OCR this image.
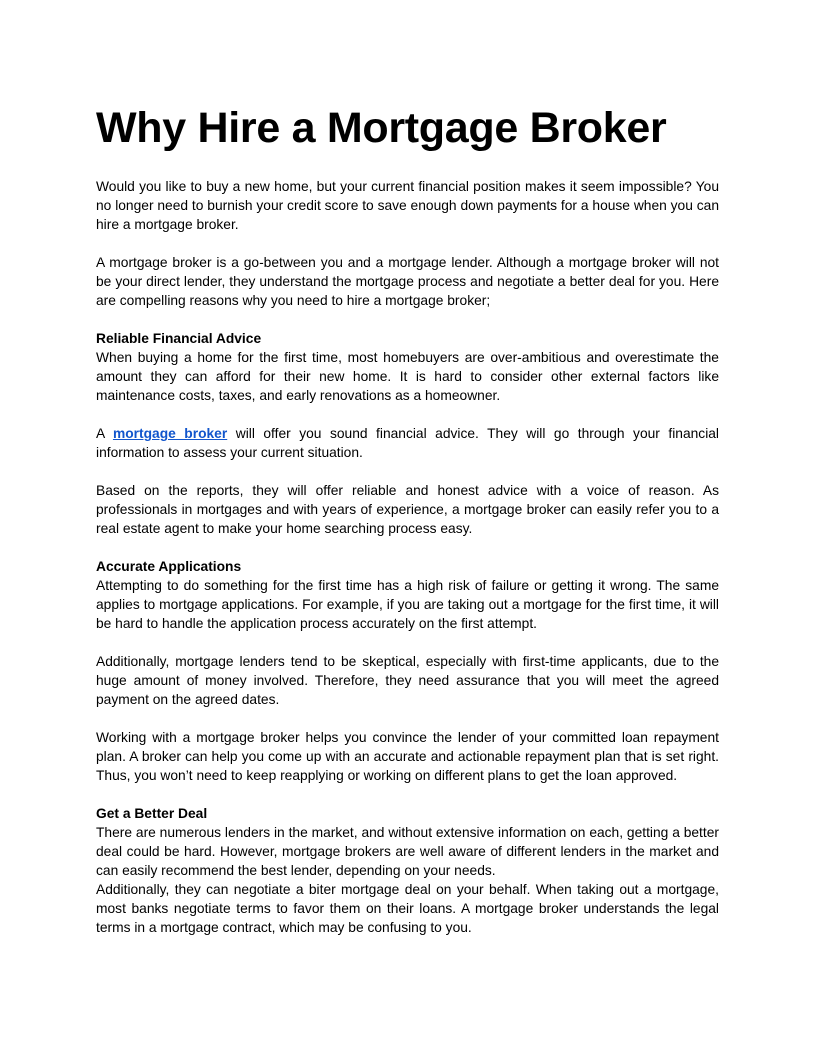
Why Hire a Mortgage Broker

Would you like to buy a new home, but your current financial position makes it seem impossible? You no longer need to burnish your credit score to save enough down payments for a house when you can hire a mortgage broker.

A mortgage broker is a go-between you and a mortgage lender. Although a mortgage broker will not be your direct lender, they understand the mortgage process and negotiate a better deal for you. Here are compelling reasons why you need to hire a mortgage broker;

Reliable Financial Advice

When buying a home for the first time, most homebuyers are over-ambitious and overestimate the amount they can afford for their new home. It is hard to consider other external factors like maintenance costs, taxes, and early renovations as a homeowner.

A mortgage broker will offer you sound financial advice. They will go through your financial information to assess your current situation.

Based on the reports, they will offer reliable and honest advice with a voice of reason. As professionals in mortgages and with years of experience, a mortgage broker can easily refer you to a real estate agent to make your home searching process easy.

Accurate Applications

Attempting to do something for the first time has a high risk of failure or getting it wrong. The same applies to mortgage applications. For example, if you are taking out a mortgage for the first time, it will be hard to handle the application process accurately on the first attempt.

Additionally, mortgage lenders tend to be skeptical, especially with first-time applicants, due to the huge amount of money involved. Therefore, they need assurance that you will meet the agreed payment on the agreed dates.

Working with a mortgage broker helps you convince the lender of your committed loan repayment plan. A broker can help you come up with an accurate and actionable repayment plan that is set right. Thus, you won’t need to keep reapplying or working on different plans to get the loan approved.

Get a Better Deal

There are numerous lenders in the market, and without extensive information on each, getting a better deal could be hard. However, mortgage brokers are well aware of different lenders in the market and can easily recommend the best lender, depending on your needs.

Additionally, they can negotiate a biter mortgage deal on your behalf. When taking out a mortgage, most banks negotiate terms to favor them on their loans. A mortgage broker understands the legal terms in a mortgage contract, which may be confusing to you.
